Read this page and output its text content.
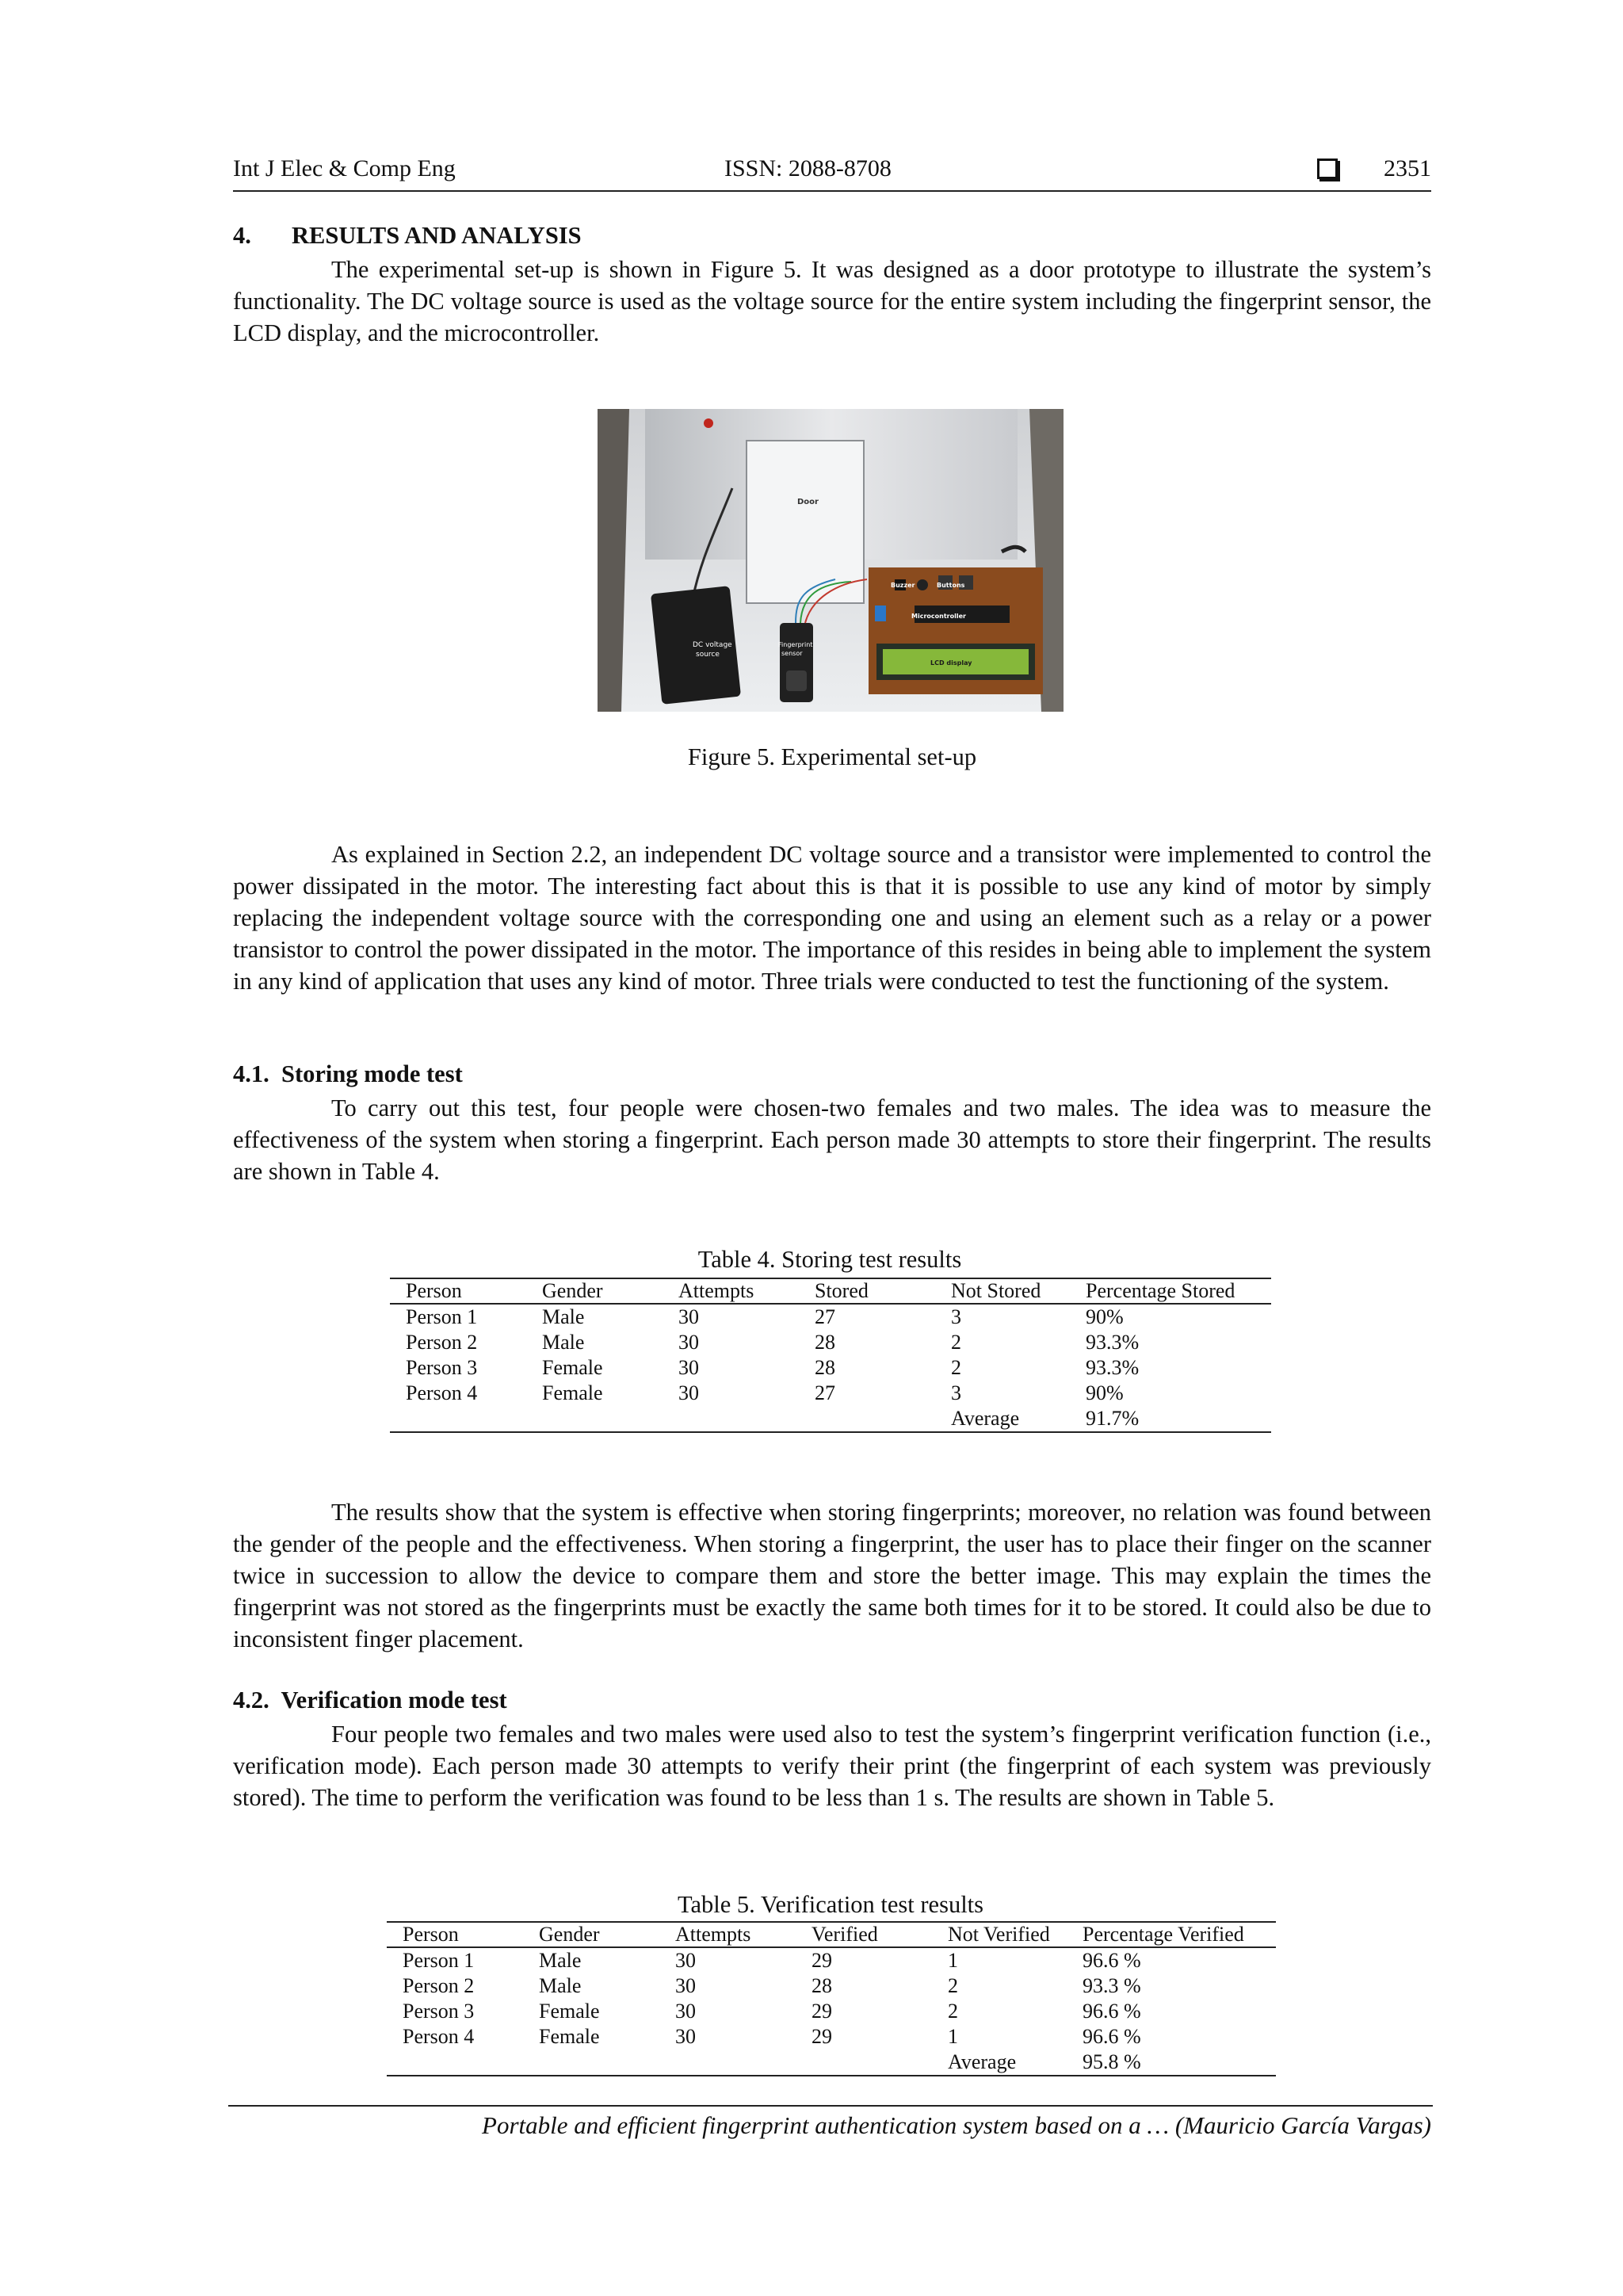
Int J Elec & Comp Eng	ISSN: 2088-8708	2351
4. RESULTS AND ANALYSIS
The experimental set-up is shown in Figure 5. It was designed as a door prototype to illustrate the system’s functionality. The DC voltage source is used as the voltage source for the entire system including the fingerprint sensor, the LCD display, and the microcontroller.
DC voltage
source
Door
Buzzer	Buttons
Microcontroller
Fingerprint
sensor
LCD display
Figure 5. Experimental set-up
As explained in Section 2.2, an independent DC voltage source and a transistor were implemented to control the power dissipated in the motor. The interesting fact about this is that it is possible to use any kind of motor by simply replacing the independent voltage source with the corresponding one and using an element such as a relay or a power transistor to control the power dissipated in the motor. The importance of this resides in being able to implement the system in any kind of application that uses any kind of motor. Three trials were conducted to test the functioning of the system.
4.1. Storing mode test
To carry out this test, four people were chosen-two females and two males. The idea was to measure the effectiveness of the system when storing a fingerprint. Each person made 30 attempts to store their fingerprint. The results are shown in Table 4.
Table 4. Storing test results
Person	Gender	Attempts	Stored	Not Stored	Percentage Stored
Person 1	Male	30	27	3	90%
Person 2	Male	30	28	2	93.3%
Person 3	Female	30	28	2	93.3%
Person 4	Female	30	27	3	90%
				Average	91.7%
The results show that the system is effective when storing fingerprints; moreover, no relation was found between the gender of the people and the effectiveness. When storing a fingerprint, the user has to place their finger on the scanner twice in succession to allow the device to compare them and store the better image. This may explain the times the fingerprint was not stored as the fingerprints must be exactly the same both times for it to be stored. It could also be due to inconsistent finger placement.
4.2. Verification mode test
Four people two females and two males were used also to test the system’s fingerprint verification function (i.e., verification mode). Each person made 30 attempts to verify their print (the fingerprint of each system was previously stored). The time to perform the verification was found to be less than 1 s. The results are shown in Table 5.
Table 5. Verification test results
Person	Gender	Attempts	Verified	Not Verified	Percentage Verified
Person 1	Male	30	29	1	96.6 %
Person 2	Male	30	28	2	93.3 %
Person 3	Female	30	29	2	96.6 %
Person 4	Female	30	29	1	96.6 %
				Average	95.8 %
Portable and efficient fingerprint authentication system based on a … (Mauricio García Vargas)
